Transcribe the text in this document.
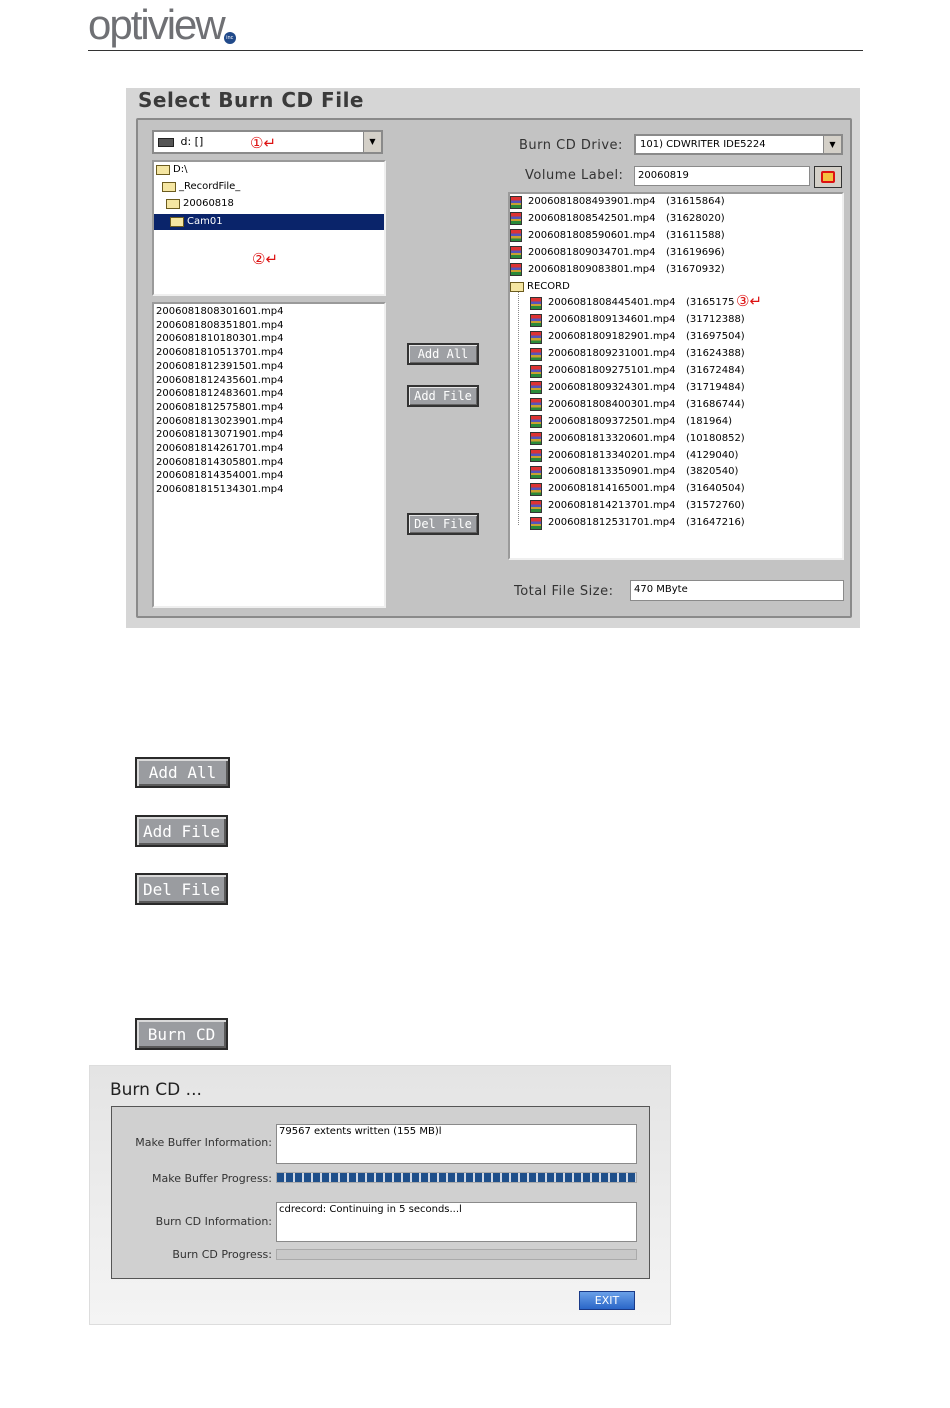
optiview inc
Select Burn CD File
d: []	▼
①↵
D:\
_RecordFile_
20060818
Cam01
②↵
2006081808301601.mp4
2006081808351801.mp4
2006081810180301.mp4
2006081810513701.mp4
2006081812391501.mp4
2006081812435601.mp4
2006081812483601.mp4
2006081812575801.mp4
2006081813023901.mp4
2006081813071901.mp4
2006081814261701.mp4
2006081814305801.mp4
2006081814354001.mp4
2006081815134301.mp4
Add All
Add File
Del File
Burn CD Drive:	101) CDWRITER IDE5224	▼
Volume Label:	20060819
2006081808493901.mp4	(31615864)
2006081808542501.mp4	(31628020)
2006081808590601.mp4	(31611588)
2006081809034701.mp4	(31619696)
2006081809083801.mp4	(31670932)
RECORD
2006081808445401.mp4	(3165175
2006081809134601.mp4	(31712388)
2006081809182901.mp4	(31697504)
2006081809231001.mp4	(31624388)
2006081809275101.mp4	(31672484)
2006081809324301.mp4	(31719484)
2006081808400301.mp4	(31686744)
2006081809372501.mp4	(181964)
2006081813320601.mp4	(10180852)
2006081813340201.mp4	(4129040)
2006081813350901.mp4	(3820540)
2006081814165001.mp4	(31640504)
2006081814213701.mp4	(31572760)
2006081812531701.mp4	(31647216)
③↵
Total File Size:	470 MByte
Add All
Add File
Del File
Burn CD
Burn CD ...
Make Buffer Information:
79567 extents written (155 MB)l
Make Buffer Progress:
Burn CD Information:
cdrecord: Continuing in 5 seconds...l
Burn CD Progress:
EXIT
